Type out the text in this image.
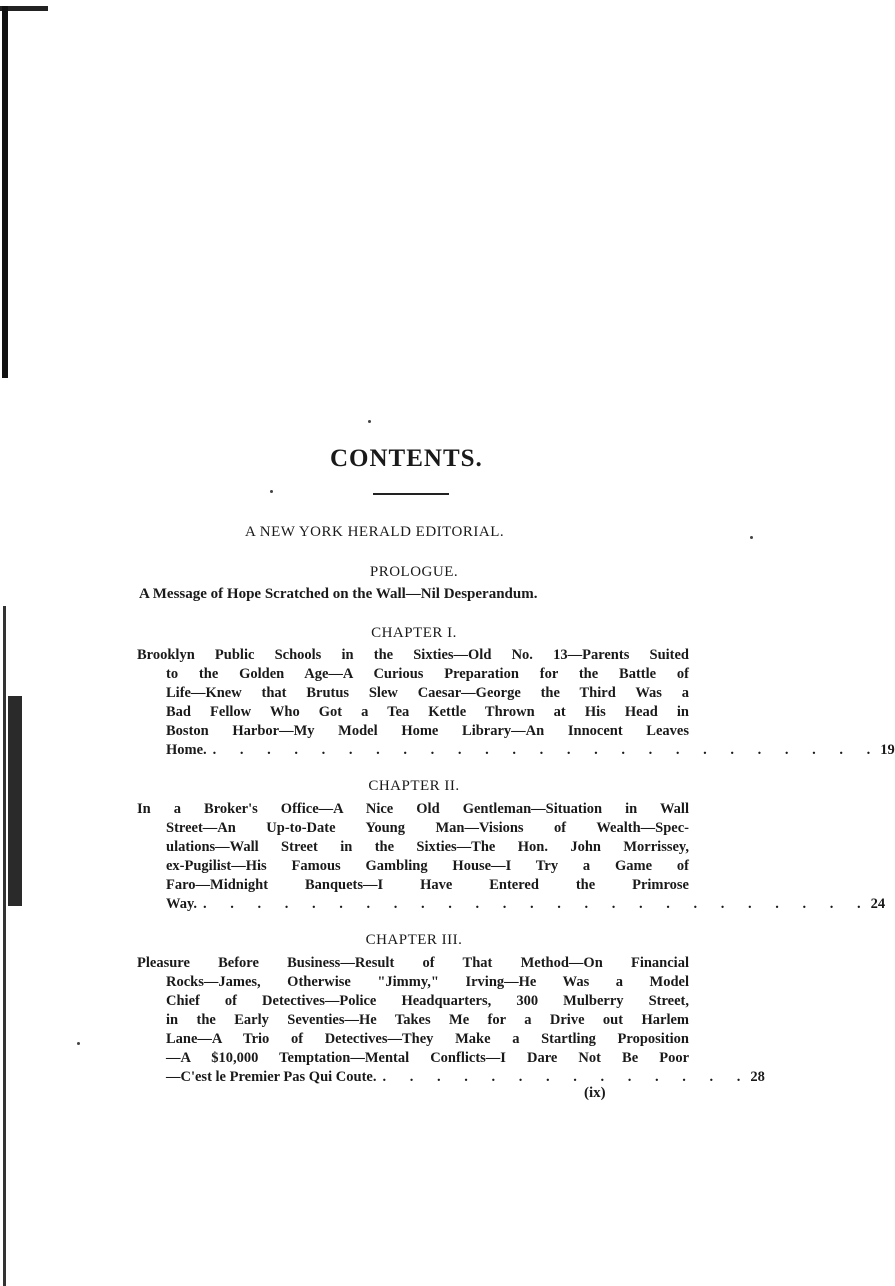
CONTENTS.
A NEW YORK HERALD EDITORIAL.
PROLOGUE.
A Message of Hope Scratched on the Wall—Nil Desperandum.
CHAPTER I.
Brooklyn Public Schools in the Sixties—Old No. 13—Parents Suited
to the Golden Age—A Curious Preparation for the Battle of
Life—Knew that Brutus Slew Caesar—George the Third Was a
Bad Fellow Who Got a Tea Kettle Thrown at His Head in
Boston Harbor—My Model Home Library—An Innocent Leaves
Home. . . . . . . . . . . . . . . . . . . . . . . . . . 19
CHAPTER II.
In a Broker's Office—A Nice Old Gentleman—Situation in Wall
Street—An Up-to-Date Young Man—Visions of Wealth—Spec-
ulations—Wall Street in the Sixties—The Hon. John Morrissey,
ex-Pugilist—His Famous Gambling House—I Try a Game of
Faro—Midnight Banquets—I Have Entered the Primrose
Way. . . . . . . . . . . . . . . . . . . . . . . . . . 24
CHAPTER III.
Pleasure Before Business—Result of That Method—On Financial
Rocks—James, Otherwise "Jimmy," Irving—He Was a Model
Chief of Detectives—Police Headquarters, 300 Mulberry Street,
in the Early Seventies—He Takes Me for a Drive out Harlem
Lane—A Trio of Detectives—They Make a Startling Proposition
—A $10,000 Temptation—Mental Conflicts—I Dare Not Be Poor
—C'est le Premier Pas Qui Coute. . . . . . . . . . . . . . . 28
(ix)
